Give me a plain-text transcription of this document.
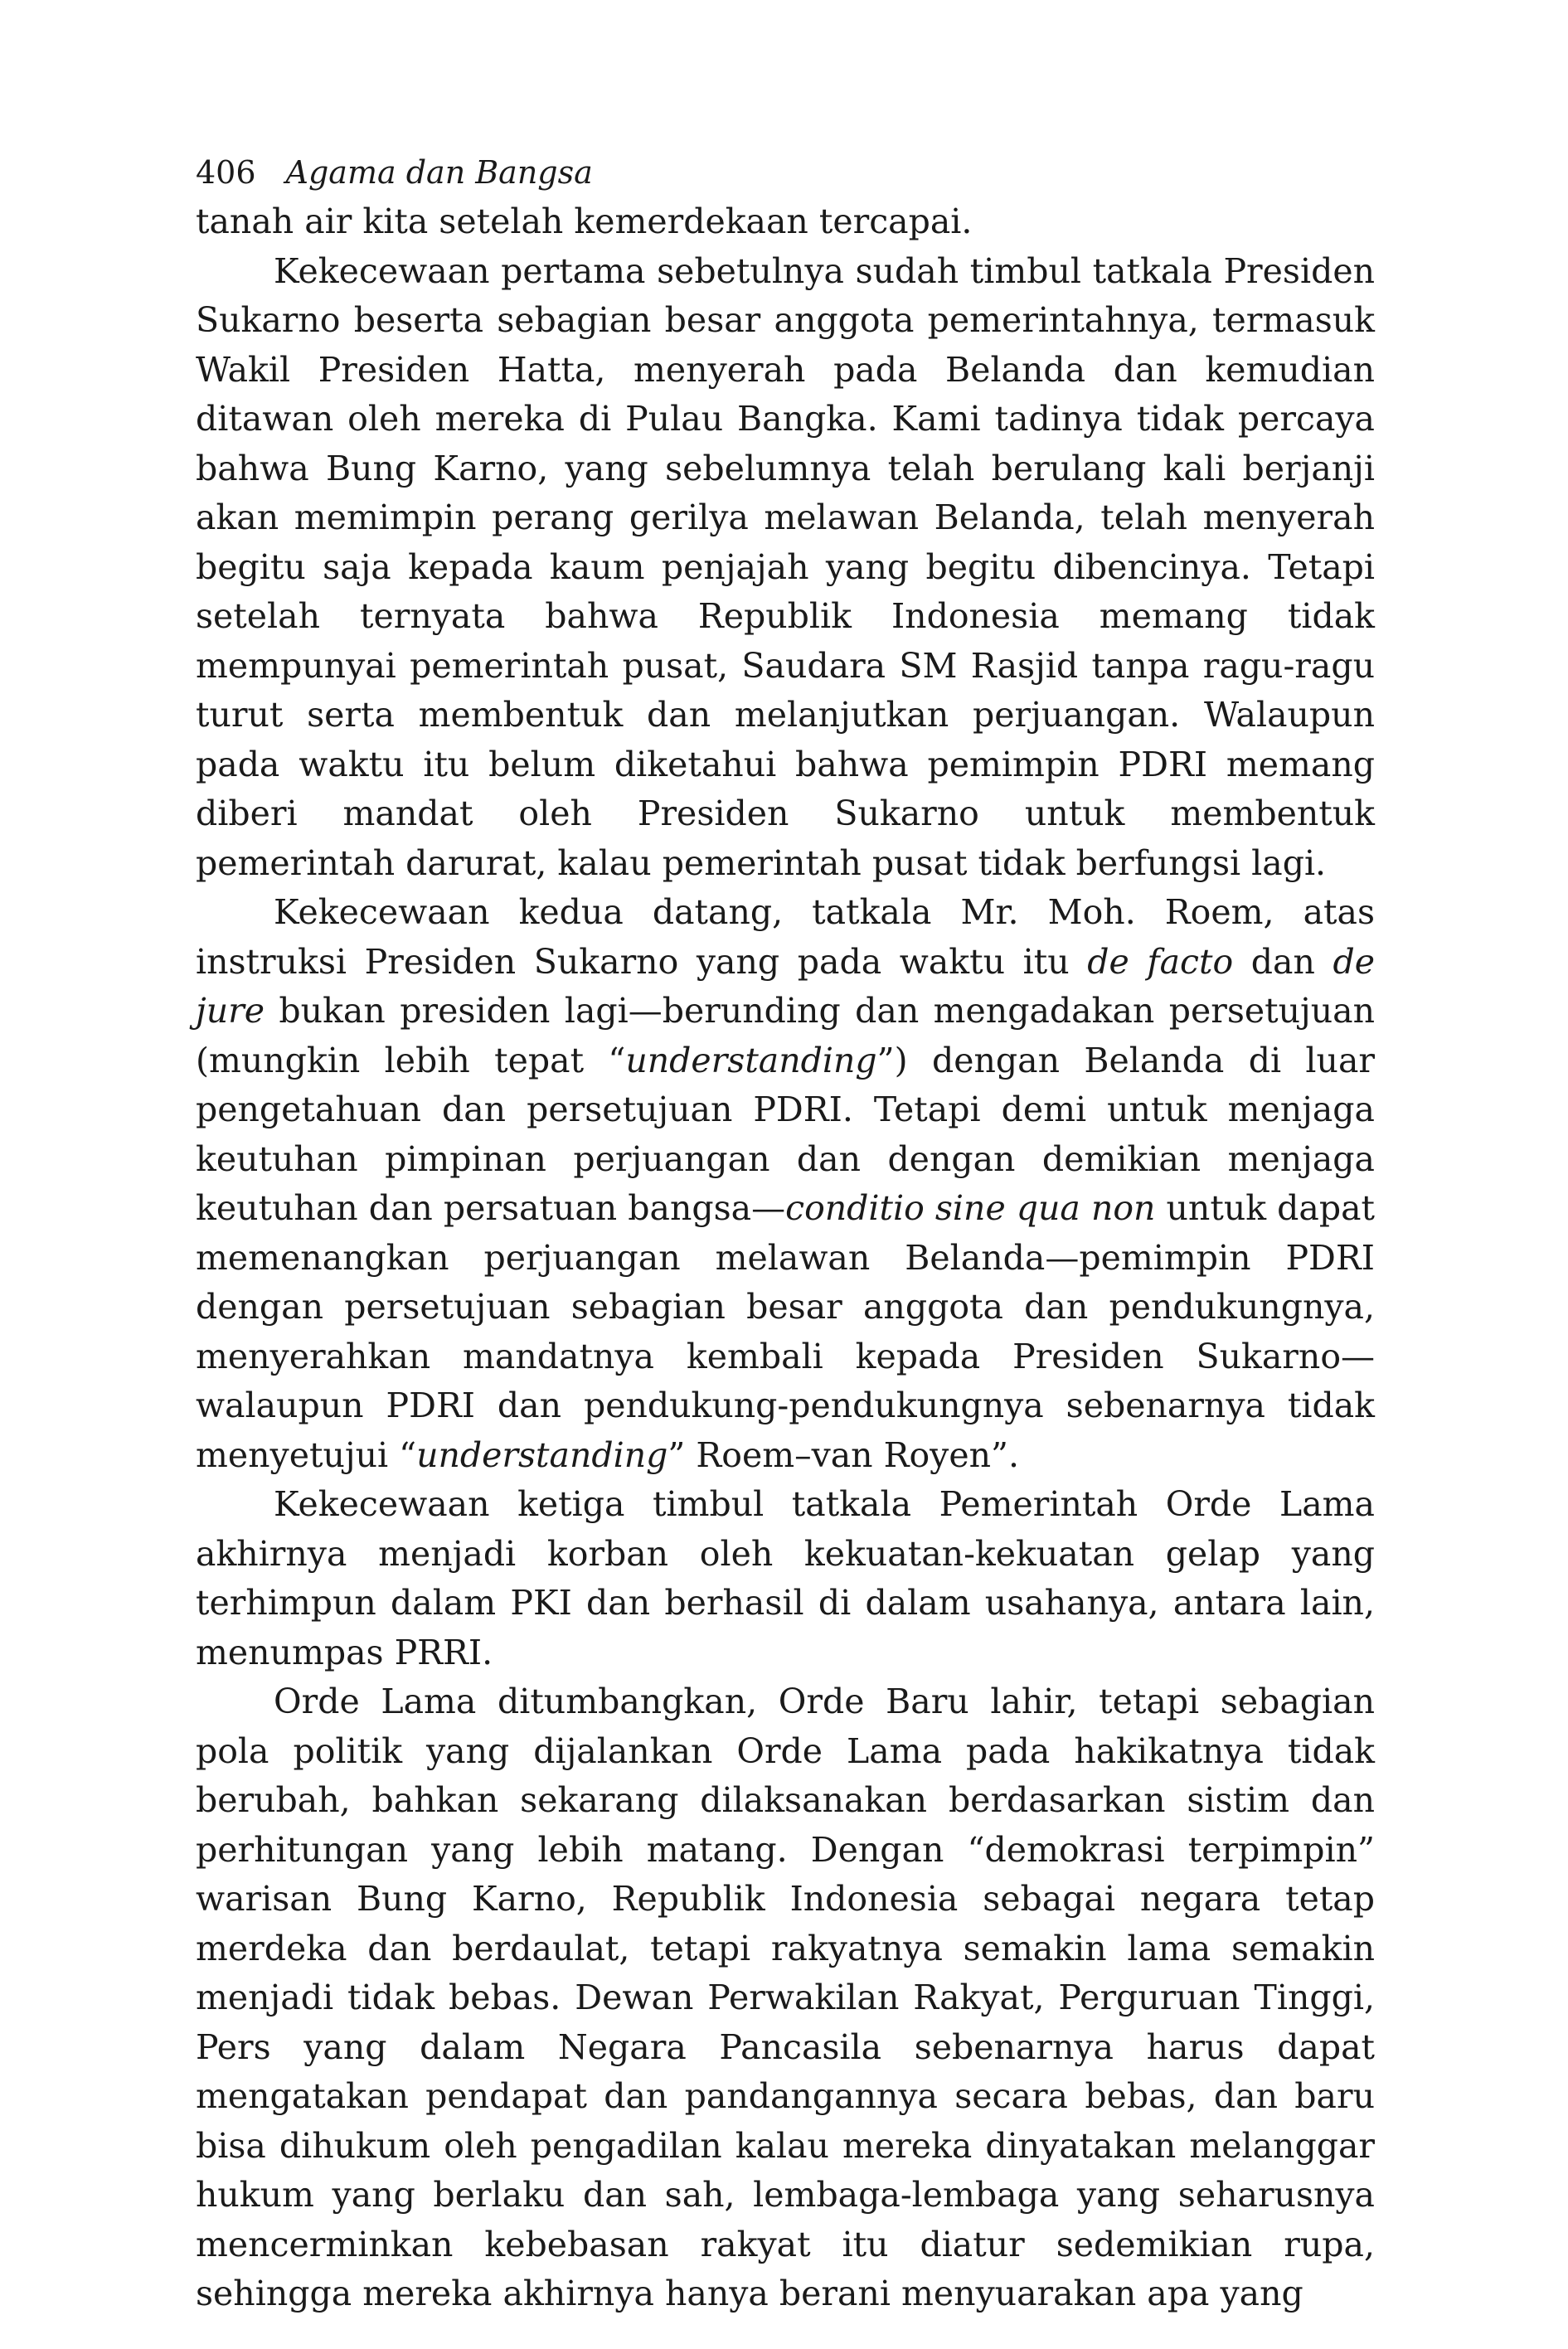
406 Agama dan Bangsa

tanah air kita setelah kemerdekaan tercapai.

Kekecewaan pertama sebetulnya sudah timbul tatkala Presiden Sukarno beserta sebagian besar anggota pemerintahnya, termasuk Wakil Presiden Hatta, menyerah pada Belanda dan kemudian ditawan oleh mereka di Pulau Bangka. Kami tadinya tidak percaya bahwa Bung Karno, yang sebelumnya telah berulang kali berjanji akan memimpin perang gerilya melawan Belanda, telah menyerah begitu saja kepada kaum penjajah yang begitu dibencinya. Tetapi setelah ternyata bahwa Republik Indonesia memang tidak mempunyai pemerintah pusat, Saudara SM Rasjid tanpa ragu-ragu turut serta membentuk dan melanjutkan perjuangan. Walaupun pada waktu itu belum diketahui bahwa pemimpin PDRI memang diberi mandat oleh Presiden Sukarno untuk membentuk pemerintah darurat, kalau pemerintah pusat tidak berfungsi lagi.

Kekecewaan kedua datang, tatkala Mr. Moh. Roem, atas instruksi Presiden Sukarno yang pada waktu itu de facto dan de jure bukan presiden lagi—berunding dan mengadakan persetujuan (mungkin lebih tepat “understanding”) dengan Belanda di luar pengetahuan dan persetujuan PDRI. Tetapi demi untuk menjaga keutuhan pimpinan perjuangan dan dengan demikian menjaga keutuhan dan persatuan bangsa—conditio sine qua non untuk dapat memenangkan perjuangan melawan Belanda—pemimpin PDRI dengan persetujuan sebagian besar anggota dan pendukungnya, menyerahkan mandatnya kembali kepada Presiden Sukarno—walaupun PDRI dan pendukung-pendukungnya sebenarnya tidak menyetujui “understanding” Roem–van Royen”.

Kekecewaan ketiga timbul tatkala Pemerintah Orde Lama akhirnya menjadi korban oleh kekuatan-kekuatan gelap yang terhimpun dalam PKI dan berhasil di dalam usahanya, antara lain, menumpas PRRI.

Orde Lama ditumbangkan, Orde Baru lahir, tetapi sebagian pola politik yang dijalankan Orde Lama pada hakikatnya tidak berubah, bahkan sekarang dilaksanakan berdasarkan sistim dan perhitungan yang lebih matang. Dengan “demokrasi terpimpin” warisan Bung Karno, Republik Indonesia sebagai negara tetap merdeka dan berdaulat, tetapi rakyatnya semakin lama semakin menjadi tidak bebas. Dewan Perwakilan Rakyat, Perguruan Tinggi, Pers yang dalam Negara Pancasila sebenarnya harus dapat mengatakan pendapat dan pandangannya secara bebas, dan baru bisa dihukum oleh pengadilan kalau mereka dinyatakan melanggar hukum yang berlaku dan sah, lembaga-lembaga yang seharusnya mencerminkan kebebasan rakyat itu diatur sedemikian rupa, sehingga mereka akhirnya hanya berani menyuarakan apa yang
